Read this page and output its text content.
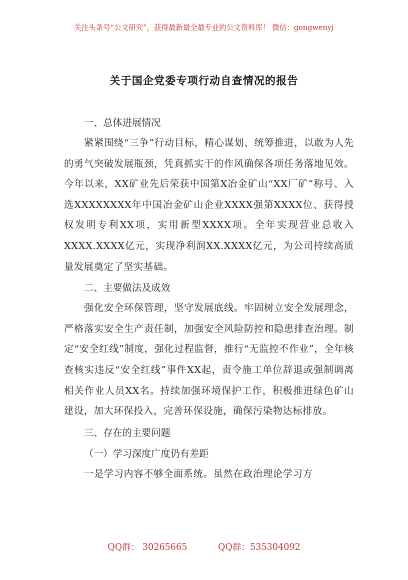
关注头条号“公文研究”，获得最新最全最专业的公文资料库！ 微信：gongwenyj
关于国企党委专项行动自查情况的报告

一、总体进展情况

紧紧围绕“三争”行动目标，精心谋划、统筹推进，以敢为人先的勇气突破发展瓶颈，凭真抓实干的作风确保各项任务落地见效。今年以来，XX矿业先后荣获中国第X冶金矿山“XX厂矿”称号、入选XXXXXXXX年中国冶金矿山企业XXXX强第XXXX位、获得授权发明专利XX项，实用新型XXXX项。全年实现营业总收入XXXX.XXXX亿元，实现净利润XX.XXXX亿元，为公司持续高质量发展奠定了坚实基础。

二、主要做法及成效

强化安全环保管理，坚守发展底线。牢固树立安全发展理念，严格落实安全生产责任制，加强安全风险防控和隐患排查治理。制定“安全红线”制度，强化过程监督，推行“无监控不作业”，全年核查核实违反“安全红线”事件XX起，责令施工单位辞退或强制调离相关作业人员XX名。持续加强环境保护工作，积极推进绿色矿山建设，加大环保投入，完善环保设施，确保污染物达标排放。

三、存在的主要问题

（一）学习深度广度仍有差距

一是学习内容不够全面系统。虽然在政治理论学习方

QQ群： 30265665	QQ群：535304092
